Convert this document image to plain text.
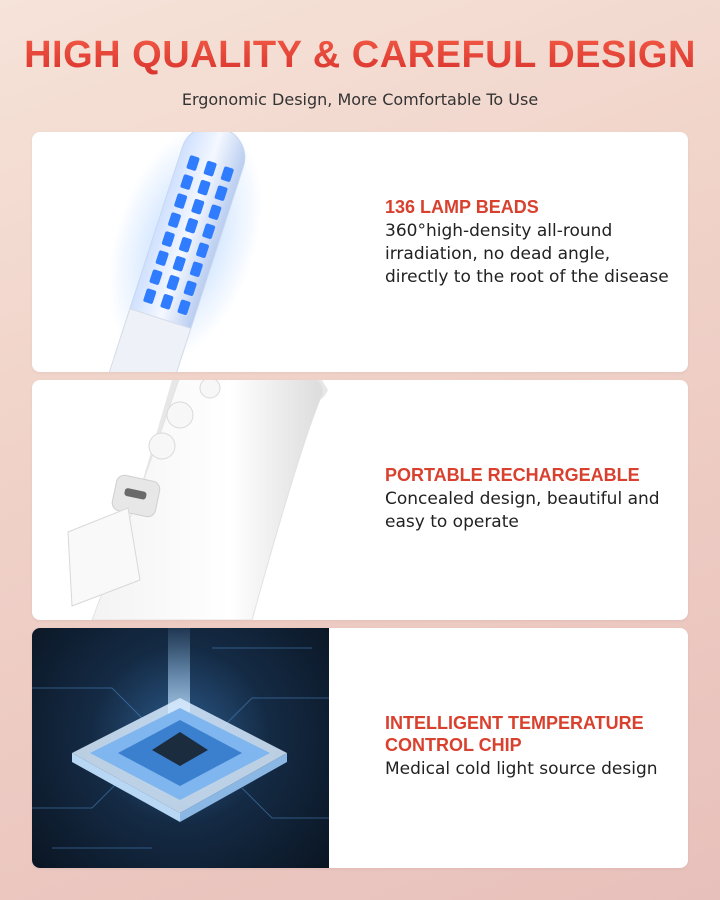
HIGH QUALITY & CAREFUL DESIGN
Ergonomic Design, More Comfortable To Use
136 LAMP BEADS
360°high-density all-round irradiation, no dead angle, directly to the root of the disease
PORTABLE RECHARGEABLE
Concealed design, beautiful and easy to operate
INTELLIGENT TEMPERATURE CONTROL CHIP
Medical cold light source design
